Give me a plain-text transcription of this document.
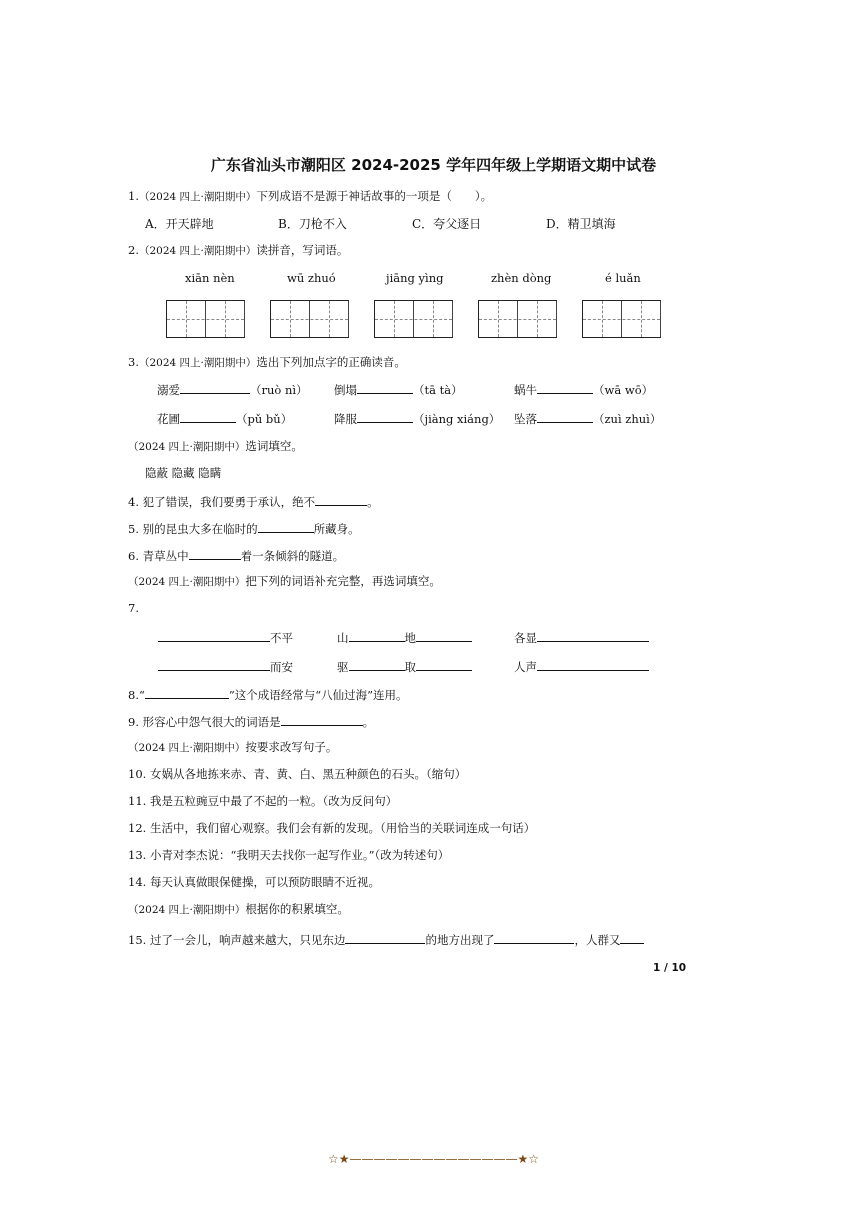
广东省汕头市潮阳区 2024-2025 学年四年级上学期语文期中试卷
1.（2024 四上·潮阳期中）下列成语不是源于神话故事的一项是（　　）。
A．开天辟地	B．刀枪不入	C．夸父逐日	D．精卫填海
2.（2024 四上·潮阳期中）读拼音，写词语。
xiān nèn	wū zhuó	jiāng yìng	zhèn dòng	é luǎn
3.（2024 四上·潮阳期中）选出下列加点字的正确读音。
溺爱	（ruò nì） 倒塌	（tā tà）	蜗牛	（wā wō）
花圃	（pǔ bǔ）	降服	（jiàng xiáng） 坠落	（zuì zhuì）
（2024 四上·潮阳期中）选词填空。
隐蔽 隐藏 隐瞒
4. 犯了错误，我们要勇于承认，绝不	。
5. 别的昆虫大多在临时的	所藏身。
6. 青草丛中	着一条倾斜的隧道。
（2024 四上·潮阳期中）把下列的词语补充完整，再选词填空。
7.
不平	山	地	各显
而安	驱	取	人声
8.“	”这个成语经常与“八仙过海”连用。
9. 形容心中怨气很大的词语是	。
（2024 四上·潮阳期中）按要求改写句子。
10. 女娲从各地拣来赤、青、黄、白、黑五种颜色的石头。（缩句）
11. 我是五粒豌豆中最了不起的一粒。（改为反问句）
12. 生活中，我们留心观察。我们会有新的发现。（用恰当的关联词连成一句话）
13. 小青对李杰说：“我明天去找你一起写作业。”（改为转述句）
14. 每天认真做眼保健操，可以预防眼睛不近视。
（2024 四上·潮阳期中）根据你的积累填空。
15. 过了一会儿，响声越来越大，只见东边	的地方出现了	，人群又
1 / 10
☆★——————————————★☆
